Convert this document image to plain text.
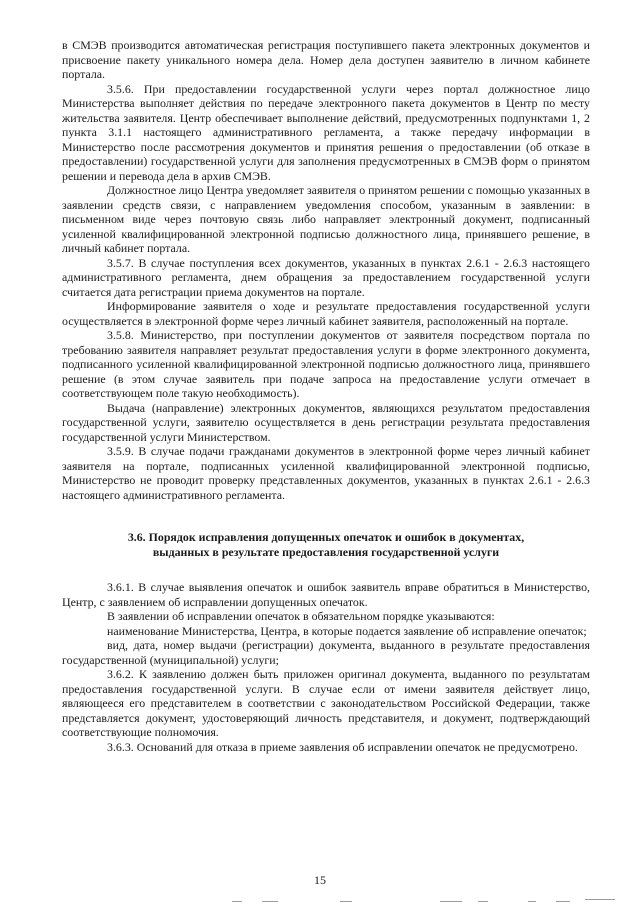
в СМЭВ производится автоматическая регистрация поступившего пакета электронных документов и присвоение пакету уникального номера дела. Номер дела доступен заявителю в личном кабинете портала.

3.5.6. При предоставлении государственной услуги через портал должностное лицо Министерства выполняет действия по передаче электронного пакета документов в Центр по месту жительства заявителя. Центр обеспечивает выполнение действий, предусмотренных подпунктами 1, 2 пункта 3.1.1 настоящего административного регламента, а также передачу информации в Министерство после рассмотрения документов и принятия решения о предоставлении (об отказе в предоставлении) государственной услуги для заполнения предусмотренных в СМЭВ форм о принятом решении и перевода дела в архив СМЭВ.

Должностное лицо Центра уведомляет заявителя о принятом решении с помощью указанных в заявлении средств связи, с направлением уведомления способом, указанным в заявлении: в письменном виде через почтовую связь либо направляет электронный документ, подписанный усиленной квалифицированной электронной подписью должностного лица, принявшего решение, в личный кабинет портала.

3.5.7. В случае поступления всех документов, указанных в пунктах 2.6.1 - 2.6.3 настоящего административного регламента, днем обращения за предоставлением государственной услуги считается дата регистрации приема документов на портале.

Информирование заявителя о ходе и результате предоставления государственной услуги осуществляется в электронной форме через личный кабинет заявителя, расположенный на портале.

3.5.8. Министерство, при поступлении документов от заявителя посредством портала по требованию заявителя направляет результат предоставления услуги в форме электронного документа, подписанного усиленной квалифицированной электронной подписью должностного лица, принявшего решение (в этом случае заявитель при подаче запроса на предоставление услуги отмечает в соответствующем поле такую необходимость).

Выдача (направление) электронных документов, являющихся результатом предоставления государственной услуги, заявителю осуществляется в день регистрации результата предоставления государственной услуги Министерством.

3.5.9. В случае подачи гражданами документов в электронной форме через личный кабинет заявителя на портале, подписанных усиленной квалифицированной электронной подписью, Министерство не проводит проверку представленных документов, указанных в пунктах 2.6.1 - 2.6.3 настоящего административного регламента.

3.6. Порядок исправления допущенных опечаток и ошибок в документах,
выданных в результате предоставления государственной услуги

3.6.1. В случае выявления опечаток и ошибок заявитель вправе обратиться в Министерство, Центр, с заявлением об исправлении допущенных опечаток.

В заявлении об исправлении опечаток в обязательном порядке указываются:

наименование Министерства, Центра, в которые подается заявление об исправление опечаток;

вид, дата, номер выдачи (регистрации) документа, выданного в результате предоставления государственной (муниципальной) услуги;

3.6.2. К заявлению должен быть приложен оригинал документа, выданного по результатам предоставления государственной услуги. В случае если от имени заявителя действует лицо, являющееся его представителем в соответствии с законодательством Российской Федерации, также представляется документ, удостоверяющий личность представителя, и документ, подтверждающий соответствующие полномочия.

3.6.3. Оснований для отказа в приеме заявления об исправлении опечаток не предусмотрено.

15
